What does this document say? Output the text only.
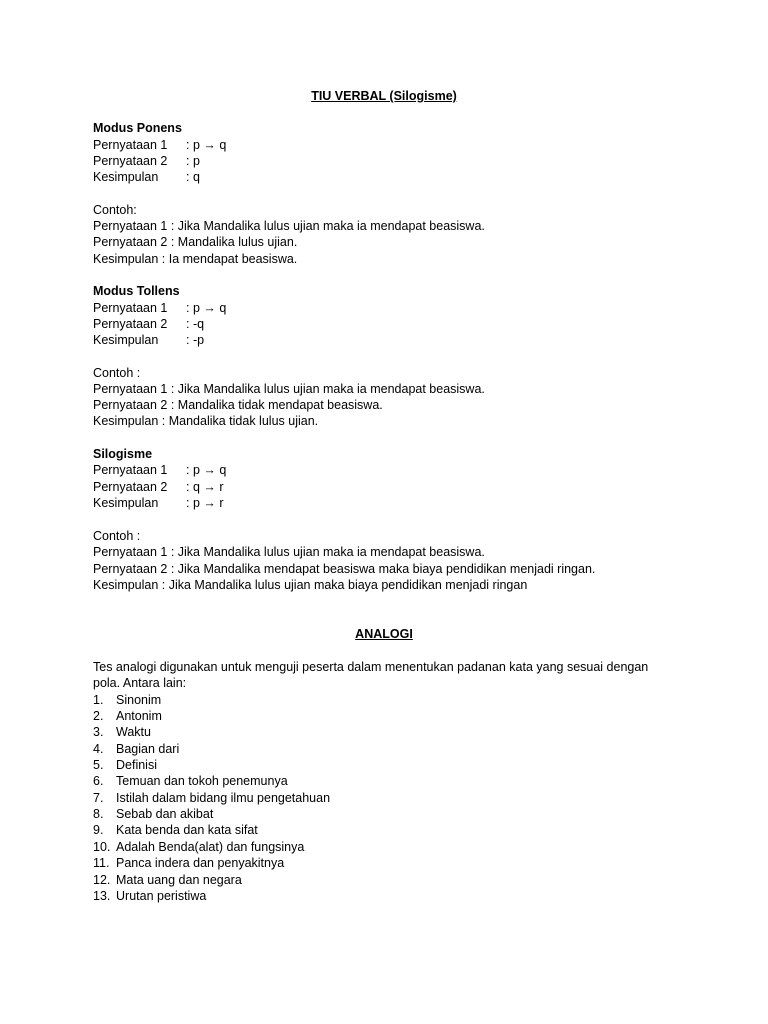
TIU VERBAL (Silogisme)
Modus Ponens
Pernyataan 1 : p → q
Pernyataan 2 : p
Kesimpulan : q
Contoh:
Pernyataan 1 : Jika Mandalika lulus ujian maka ia mendapat beasiswa.
Pernyataan 2 : Mandalika lulus ujian.
Kesimpulan : Ia mendapat beasiswa.
Modus Tollens
Pernyataan 1 : p → q
Pernyataan 2 : -q
Kesimpulan : -p
Contoh :
Pernyataan 1 : Jika Mandalika lulus ujian maka ia mendapat beasiswa.
Pernyataan 2 : Mandalika tidak mendapat beasiswa.
Kesimpulan : Mandalika tidak lulus ujian.
Silogisme
Pernyataan 1 : p → q
Pernyataan 2 : q → r
Kesimpulan : p → r
Contoh :
Pernyataan 1 : Jika Mandalika lulus ujian maka ia mendapat beasiswa.
Pernyataan 2 : Jika Mandalika mendapat beasiswa maka biaya pendidikan menjadi ringan.
Kesimpulan : Jika Mandalika lulus ujian maka biaya pendidikan menjadi ringan
ANALOGI
Tes analogi digunakan untuk menguji peserta dalam menentukan padanan kata yang sesuai dengan
pola. Antara lain:
1.	Sinonim
2.	Antonim
3.	Waktu
4.	Bagian dari
5.	Definisi
6.	Temuan dan tokoh penemunya
7.	Istilah dalam bidang ilmu pengetahuan
8.	Sebab dan akibat
9.	Kata benda dan kata sifat
10. Adalah Benda(alat) dan fungsinya
11. Panca indera dan penyakitnya
12. Mata uang dan negara
13. Urutan peristiwa
